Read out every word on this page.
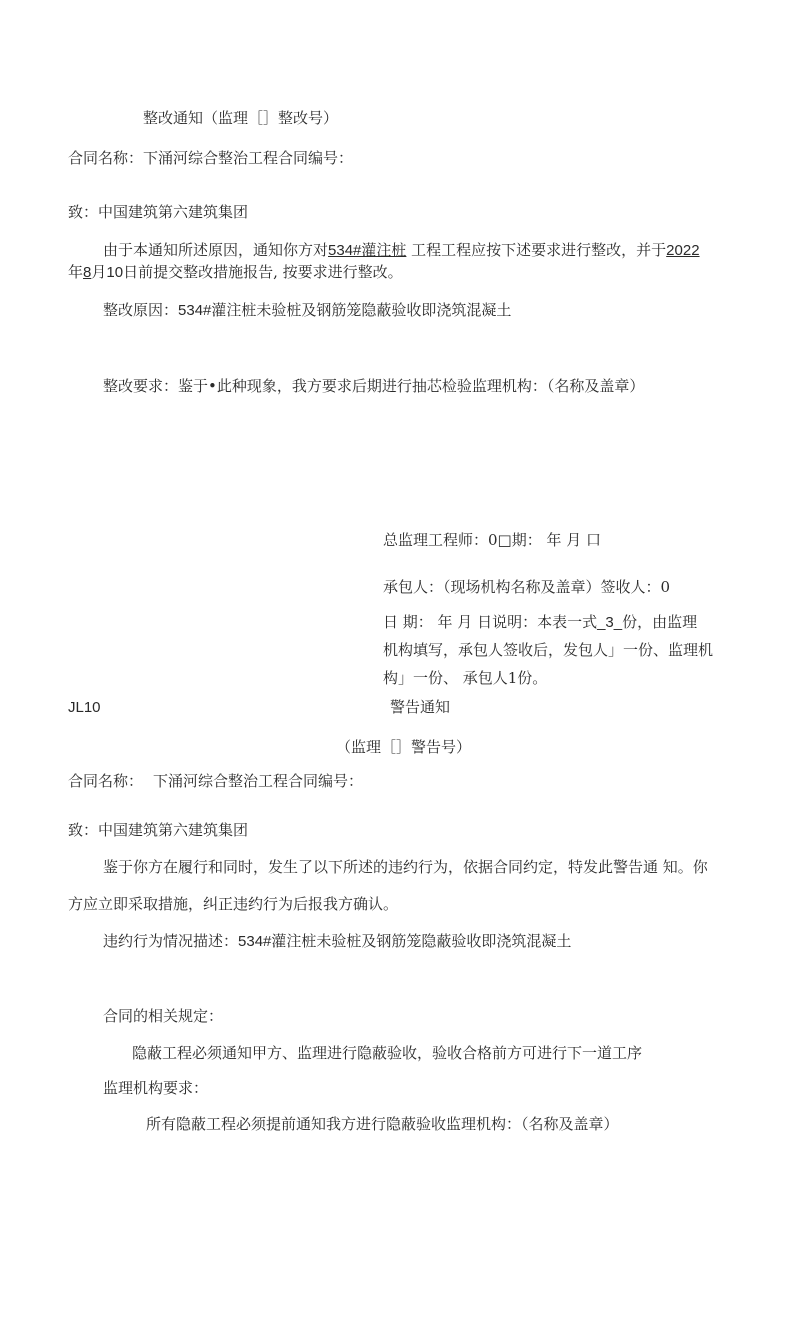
整改通知（监理［］整改号）
合同名称：下涌河综合整治工程合同编号：
致：中国建筑第六建筑集团
由于本通知所述原因，通知你方对534#灌注桩 工程工程应按下述要求进行整改，并于2022
年8月10日前提交整改措施报告, 按要求进行整改。
整改原因：534#灌注桩未验桩及钢筋笼隐蔽验收即浇筑混凝土
整改要求：鉴于•此种现象，我方要求后期进行抽芯检验监理机构：（名称及盖章）
总监理工程师：0□期： 年 月 口
承包人：（现场机构名称及盖章）签收人：0
日 期： 年 月 日说明：本表一式_3_份，由监理
机构填写，承包人签收后，发包人」一份、监理机
构」一份、 承包人1份。
JL10	警告通知
（监理［］警告号）
合同名称： 下涌河综合整治工程合同编号：
致：中国建筑第六建筑集团
鉴于你方在履行和同时，发生了以下所述的违约行为，依据合同约定，特发此警告通 知。你
方应立即采取措施，纠正违约行为后报我方确认。
违约行为情况描述：534#灌注桩未验桩及钢筋笼隐蔽验收即浇筑混凝土
合同的相关规定：
隐蔽工程必须通知甲方、监理进行隐蔽验收，验收合格前方可进行下一道工序
监理机构要求：
所有隐蔽工程必须提前通知我方进行隐蔽验收监理机构：（名称及盖章）
